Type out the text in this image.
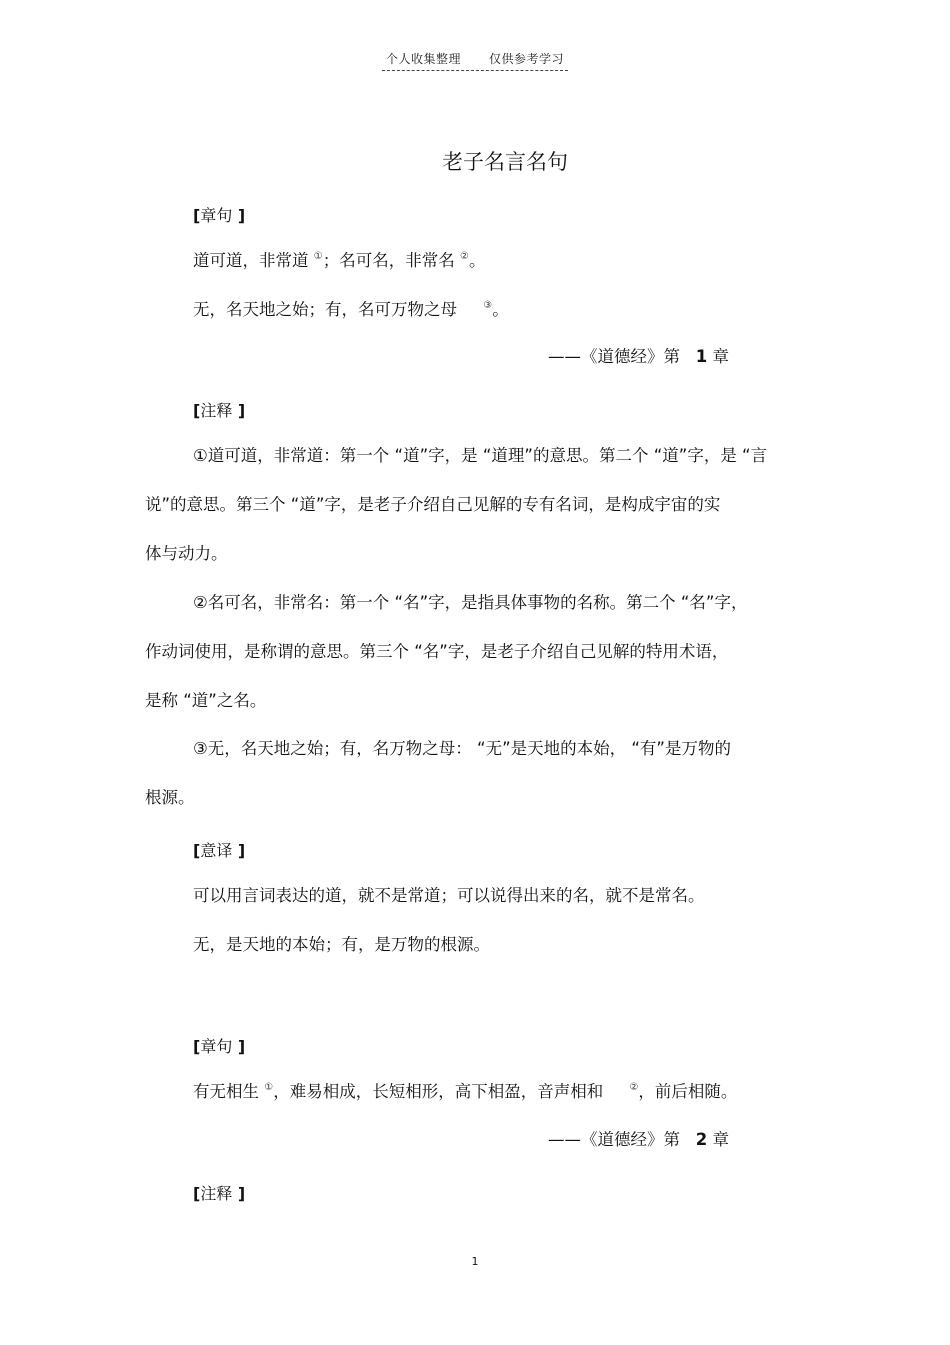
个人收集整理 仅供参考学习
老子名言名句
[章句 ]
道可道，非常道 ①；名可名，非常名 ②。
无，名天地之始；有，名可万物之母	③。
——《道德经》第 1 章
[注释 ]
①道可道，非常道：第一个 “道”字，是 “道理”的意思。第二个 “道”字，是 “言
说”的意思。第三个 “道”字，是老子介绍自己见解的专有名词，是构成宇宙的实
体与动力。
②名可名，非常名：第一个 “名”字，是指具体事物的名称。第二个 “名”字，
作动词使用，是称谓的意思。第三个 “名”字，是老子介绍自己见解的特用术语，
是称 “道”之名。
③无，名天地之始；有，名万物之母： “无”是天地的本始， “有”是万物的
根源。
[意译 ]
可以用言词表达的道，就不是常道；可以说得出来的名，就不是常名。
无，是天地的本始；有，是万物的根源。
[章句 ]
有无相生 ①，难易相成，长短相形，高下相盈，音声相和	②，前后相随。
——《道德经》第 2 章
[注释 ]
1
